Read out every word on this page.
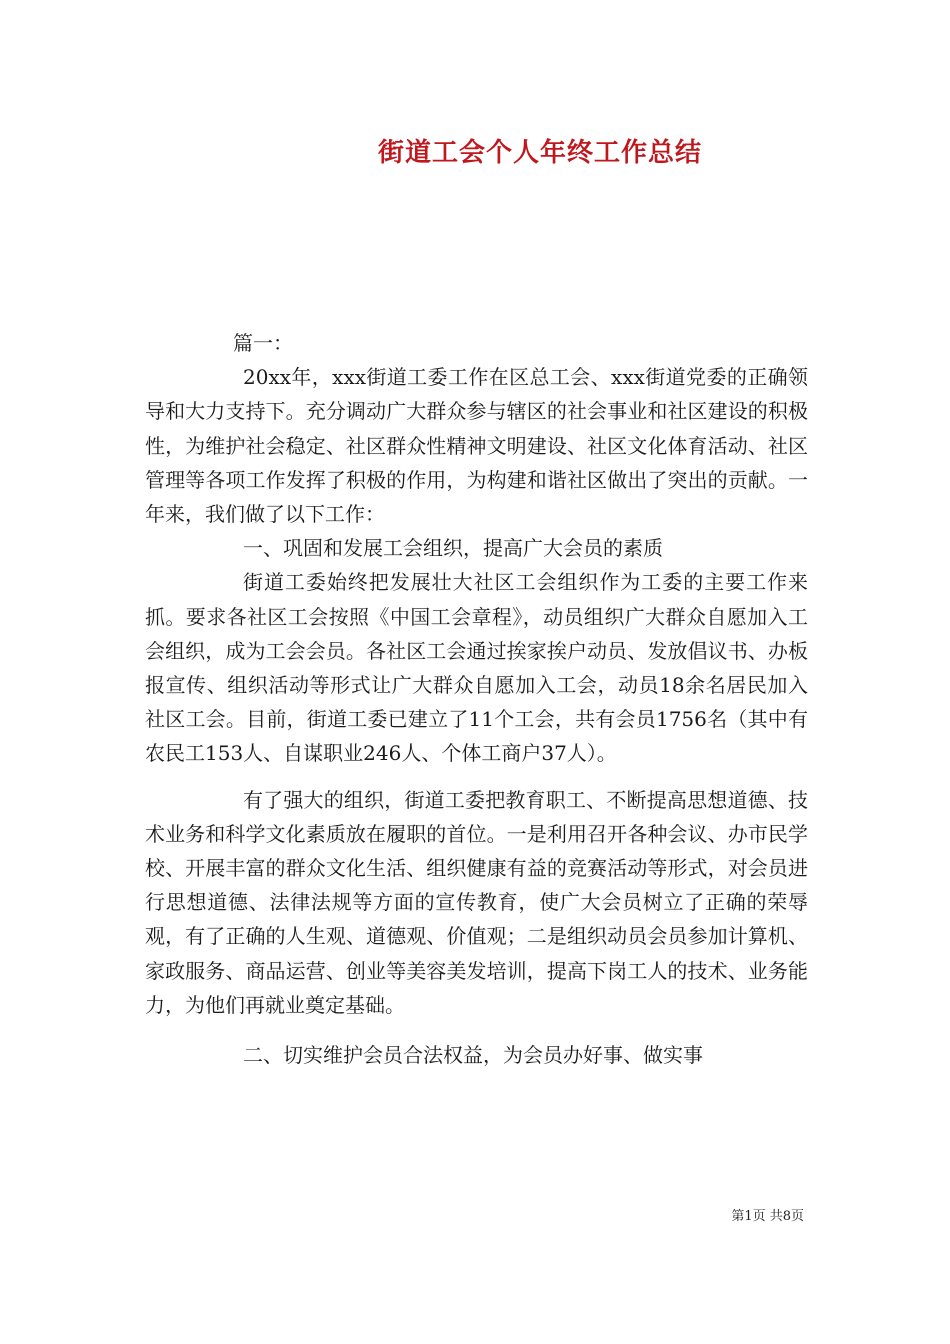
街道工会个人年终工作总结

篇一：

20xx年，xxx街道工委工作在区总工会、xxx街道党委的正确领导和大力支持下。充分调动广大群众参与辖区的社会事业和社区建设的积极性，为维护社会稳定、社区群众性精神文明建设、社区文化体育活动、社区管理等各项工作发挥了积极的作用，为构建和谐社区做出了突出的贡献。一年来，我们做了以下工作：

一、巩固和发展工会组织，提高广大会员的素质

街道工委始终把发展壮大社区工会组织作为工委的主要工作来抓。要求各社区工会按照《中国工会章程》，动员组织广大群众自愿加入工会组织，成为工会会员。各社区工会通过挨家挨户动员、发放倡议书、办板报宣传、组织活动等形式让广大群众自愿加入工会，动员18余名居民加入社区工会。目前，街道工委已建立了11个工会，共有会员1756名（其中有农民工153人、自谋职业246人、个体工商户37人）。

有了强大的组织，街道工委把教育职工、不断提高思想道德、技术业务和科学文化素质放在履职的首位。一是利用召开各种会议、办市民学校、开展丰富的群众文化生活、组织健康有益的竞赛活动等形式，对会员进行思想道德、法律法规等方面的宣传教育，使广大会员树立了正确的荣辱观，有了正确的人生观、道德观、价值观；二是组织动员会员参加计算机、家政服务、商品运营、创业等美容美发培训，提高下岗工人的技术、业务能力，为他们再就业奠定基础。

二、切实维护会员合法权益，为会员办好事、做实事

第1页 共8页
